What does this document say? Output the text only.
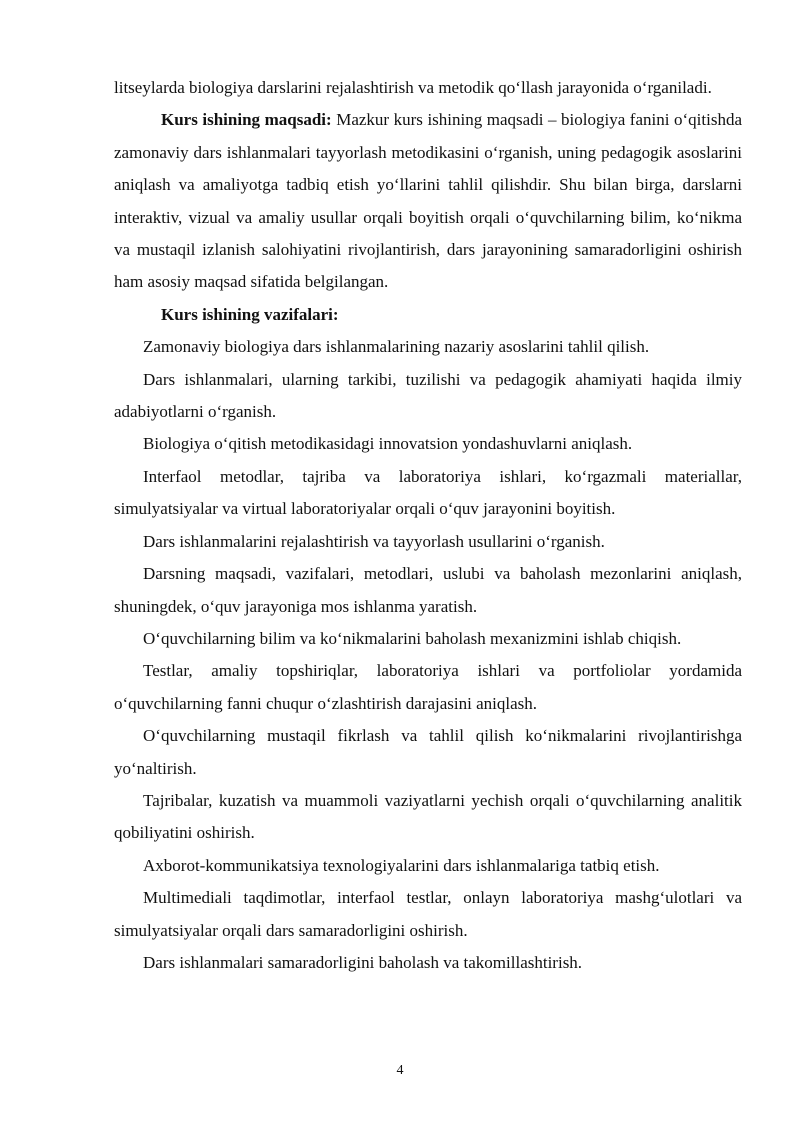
litseylarda biologiya darslarini rejalashtirish va metodik qo‘llash jarayonida o‘rganiladi.

Kurs ishining maqsadi: Mazkur kurs ishining maqsadi – biologiya fanini o‘qitishda zamonaviy dars ishlanmalari tayyorlash metodikasini o‘rganish, uning pedagogik asoslarini aniqlash va amaliyotga tadbiq etish yo‘llarini tahlil qilishdir. Shu bilan birga, darslarni interaktiv, vizual va amaliy usullar orqali boyitish orqali o‘quvchilarning bilim, ko‘nikma va mustaqil izlanish salohiyatini rivojlantirish, dars jarayonining samaradorligini oshirish ham asosiy maqsad sifatida belgilangan.

Kurs ishining vazifalari:

Zamonaviy biologiya dars ishlanmalarining nazariy asoslarini tahlil qilish.

Dars ishlanmalari, ularning tarkibi, tuzilishi va pedagogik ahamiyati haqida ilmiy adabiyotlarni o‘rganish.

Biologiya o‘qitish metodikasidagi innovatsion yondashuvlarni aniqlash.

Interfaol metodlar, tajriba va laboratoriya ishlari, ko‘rgazmali materiallar, simulyatsiyalar va virtual laboratoriyalar orqali o‘quv jarayonini boyitish.

Dars ishlanmalarini rejalashtirish va tayyorlash usullarini o‘rganish.

Darsning maqsadi, vazifalari, metodlari, uslubi va baholash mezonlarini aniqlash, shuningdek, o‘quv jarayoniga mos ishlanma yaratish.

O‘quvchilarning bilim va ko‘nikmalarini baholash mexanizmini ishlab chiqish.

Testlar, amaliy topshiriqlar, laboratoriya ishlari va portfoliolar yordamida o‘quvchilarning fanni chuqur o‘zlashtirish darajasini aniqlash.

O‘quvchilarning mustaqil fikrlash va tahlil qilish ko‘nikmalarini rivojlantirishga yo‘naltirish.

Tajribalar, kuzatish va muammoli vaziyatlarni yechish orqali o‘quvchilarning analitik qobiliyatini oshirish.

Axborot-kommunikatsiya texnologiyalarini dars ishlanmalariga tatbiq etish.

Multimediali taqdimotlar, interfaol testlar, onlayn laboratoriya mashg‘ulotlari va simulyatsiyalar orqali dars samaradorligini oshirish.

Dars ishlanmalari samaradorligini baholash va takomillashtirish.

4
